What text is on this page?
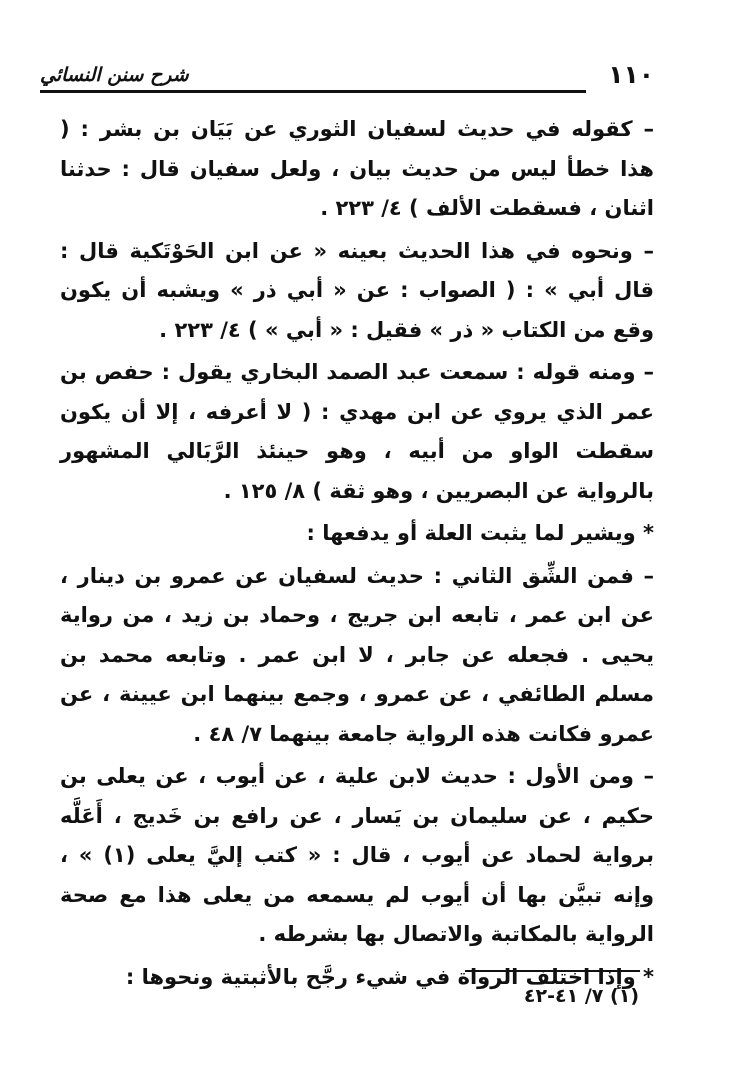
١١٠
شرح سنن النسائي

– كقوله في حديث لسفيان الثوري عن بَيَان بن بشر : ( هذا خطأ ليس من حديث بيان ، ولعل سفيان قال : حدثنا اثنان ، فسقطت الألف ) ٤/ ٢٢٣ .

– ونحوه في هذا الحديث بعينه « عن ابن الحَوْتَكية قال : قال أبي » : ( الصواب : عن « أبي ذر » ويشبه أن يكون وقع من الكتاب « ذر » فقيل : « أبي » ) ٤/ ٢٢٣ .

– ومنه قوله : سمعت عبد الصمد البخاري يقول : حفص بن عمر الذي يروي عن ابن مهدي : ( لا أعرفه ، إلا أن يكون سقطت الواو من أبيه ، وهو حينئذ الرَّبَالي المشهور بالرواية عن البصريين ، وهو ثقة ) ٨/ ١٢٥ .

* ويشير لما يثبت العلة أو يدفعها :

– فمن الشِّق الثاني : حديث لسفيان عن عمرو بن دينار ، عن ابن عمر ، تابعه ابن جريج ، وحماد بن زيد ، من رواية يحيى . فجعله عن جابر ، لا ابن عمر . وتابعه محمد بن مسلم الطائفي ، عن عمرو ، وجمع بينهما ابن عيينة ، عن عمرو فكانت هذه الرواية جامعة بينهما ٧/ ٤٨ .

– ومن الأول : حديث لابن علية ، عن أيوب ، عن يعلى بن حكيم ، عن سليمان بن يَسار ، عن رافع بن خَديج ، أَعَلَّه برواية لحماد عن أيوب ، قال : « كتب إليَّ يعلى (١) » ، وإنه تبيَّن بها أن أيوب لم يسمعه من يعلى هذا مع صحة الرواية بالمكاتبة والاتصال بها بشرطه .

* وإذا اختلف الرواة في شيء رجَّح بالأثبتية ونحوها :

(١) ٧/ ٤١-٤٢
